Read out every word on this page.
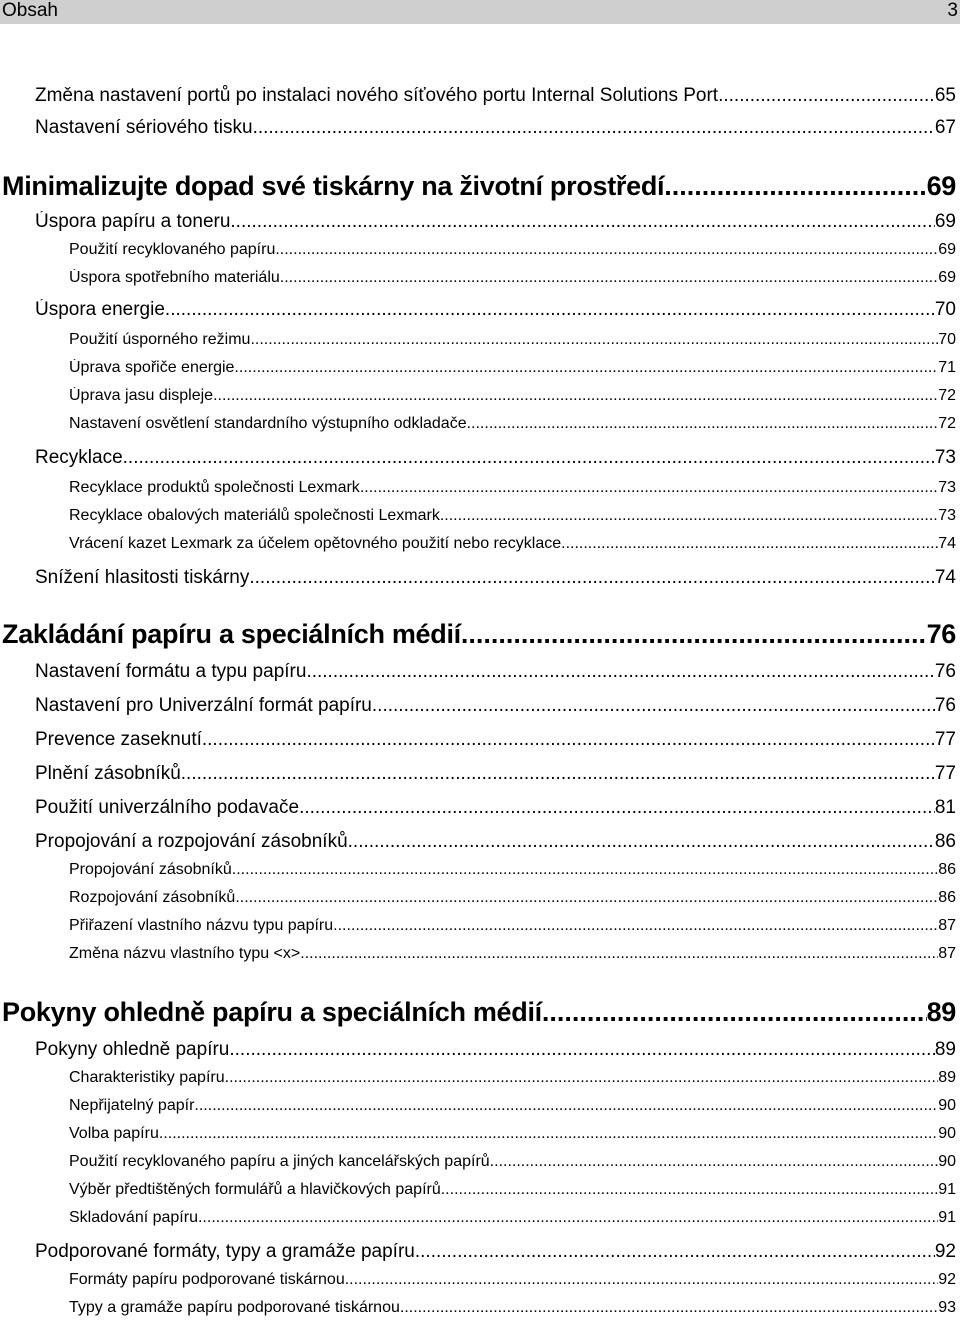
Obsah	3
Změna nastavení portů po instalaci nového síťového portu Internal Solutions Port .....	65
Nastavení sériového tisku .....	67
Minimalizujte dopad své tiskárny na životní prostředí .....	69
Úspora papíru a toneru .....	69
Použití recyklovaného papíru .....	69
Úspora spotřebního materiálu .....	69
Úspora energie .....	70
Použití úsporného režimu .....	70
Úprava spořiče energie .....	71
Úprava jasu displeje .....	72
Nastavení osvětlení standardního výstupního odkladače .....	72
Recyklace .....	73
Recyklace produktů společnosti Lexmark .....	73
Recyklace obalových materiálů společnosti Lexmark .....	73
Vrácení kazet Lexmark za účelem opětovného použití nebo recyklace .....	74
Snížení hlasitosti tiskárny .....	74
Zakládání papíru a speciálních médií .....	76
Nastavení formátu a typu papíru .....	76
Nastavení pro Univerzální formát papíru .....	76
Prevence zaseknutí .....	77
Plnění zásobníků .....	77
Použití univerzálního podavače .....	81
Propojování a rozpojování zásobníků .....	86
Propojování zásobníků .....	86
Rozpojování zásobníků .....	86
Přiřazení vlastního názvu typu papíru .....	87
Změna názvu vlastního typu <x> .....	87
Pokyny ohledně papíru a speciálních médií .....	89
Pokyny ohledně papíru .....	89
Charakteristiky papíru .....	89
Nepřijatelný papír .....	90
Volba papíru .....	90
Použití recyklovaného papíru a jiných kancelářských papírů .....	90
Výběr předtištěných formulářů a hlavičkových papírů .....	91
Skladování papíru .....	91
Podporované formáty, typy a gramáže papíru .....	92
Formáty papíru podporované tiskárnou .....	92
Typy a gramáže papíru podporované tiskárnou .....	93
